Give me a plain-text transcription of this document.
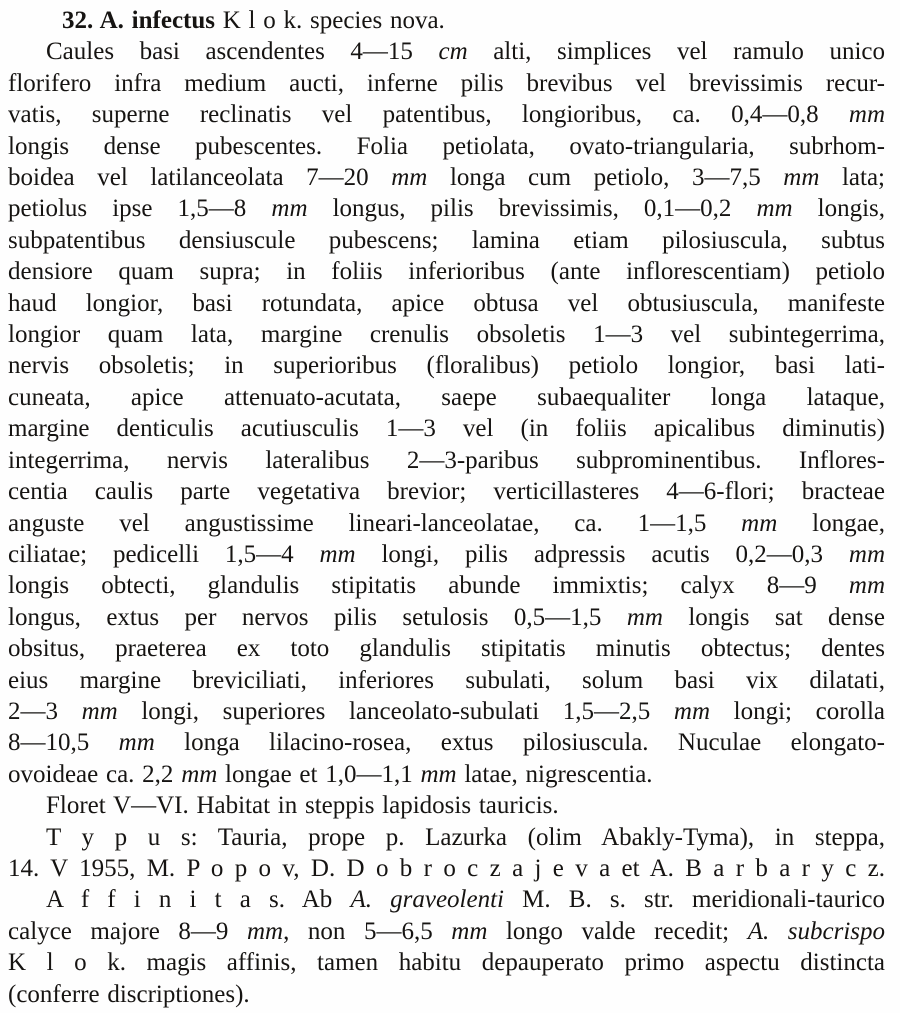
32. A. infectus K l o k. species nova.
Caules basi ascendentes 4—15 cm alti, simplices vel ramulo unico
florifero infra medium aucti, inferne pilis brevibus vel brevissimis recur-
vatis, superne reclinatis vel patentibus, longioribus, ca. 0,4—0,8 mm
longis dense pubescentes. Folia petiolata, ovato-triangularia, subrhom-
boidea vel latilanceolata 7—20 mm longa cum petiolo, 3—7,5 mm lata;
petiolus ipse 1,5—8 mm longus, pilis brevissimis, 0,1—0,2 mm longis,
subpatentibus densiuscule pubescens; lamina etiam pilosiuscula, subtus
densiore quam supra; in foliis inferioribus (ante inflorescentiam) petiolo
haud longior, basi rotundata, apice obtusa vel obtusiuscula, manifeste
longior quam lata, margine crenulis obsoletis 1—3 vel subintegerrima,
nervis obsoletis; in superioribus (floralibus) petiolo longior, basi lati-
cuneata, apice attenuato-acutata, saepe subaequaliter longa lataque,
margine denticulis acutiusculis 1—3 vel (in foliis apicalibus diminutis)
integerrima, nervis lateralibus 2—3-paribus subprominentibus. Inflores-
centia caulis parte vegetativa brevior; verticillasteres 4—6-flori; bracteae
anguste vel angustissime lineari-lanceolatae, ca. 1—1,5 mm longae,
ciliatae; pedicelli 1,5—4 mm longi, pilis adpressis acutis 0,2—0,3 mm
longis obtecti, glandulis stipitatis abunde immixtis; calyx 8—9 mm
longus, extus per nervos pilis setulosis 0,5—1,5 mm longis sat dense
obsitus, praeterea ex toto glandulis stipitatis minutis obtectus; dentes
eius margine breviciliati, inferiores subulati, solum basi vix dilatati,
2—3 mm longi, superiores lanceolato-subulati 1,5—2,5 mm longi; corolla
8—10,5 mm longa lilacino-rosea, extus pilosiuscula. Nuculae elongato-
ovoideae ca. 2,2 mm longae et 1,0—1,1 mm latae, nigrescentia.
Floret V—VI. Habitat in steppis lapidosis tauricis.
T y p u s: Tauria, prope p. Lazurka (olim Abakly-Tyma), in steppa,
14. V 1955, M. P o p o v, D. D o b r o c z a j e v a et A. B a r b a r y c z.
A f f i n i t a s. Ab A. graveolenti M. B. s. str. meridionali-taurico
calyce majore 8—9 mm, non 5—6,5 mm longo valde recedit; A. subcrispo
K l o k. magis affinis, tamen habitu depauperato primo aspectu distincta
(conferre discriptiones).
